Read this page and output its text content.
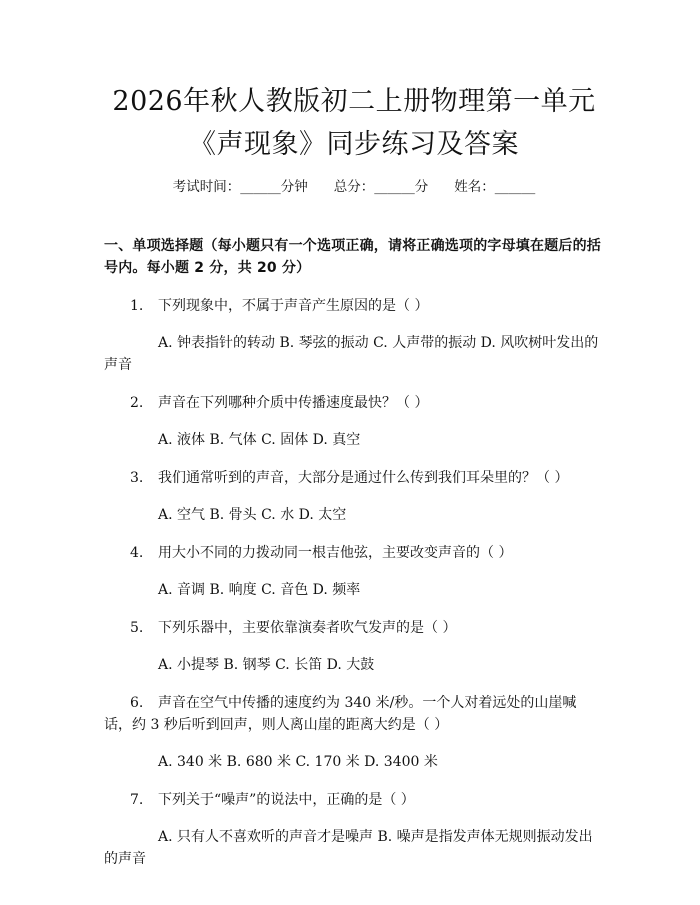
2026年秋人教版初二上册物理第一单元《声现象》同步练习及答案
考试时间：______分钟 总分：______分 姓名：______
一、单项选择题（每小题只有一个选项正确，请将正确选项的字母填在题后的括号内。每小题 2 分，共 20 分）
1. 下列现象中，不属于声音产生原因的是（ ）
A. 钟表指针的转动 B. 琴弦的振动 C. 人声带的振动 D. 风吹树叶发出的声音
2. 声音在下列哪种介质中传播速度最快？（ ）
A. 液体 B. 气体 C. 固体 D. 真空
3. 我们通常听到的声音，大部分是通过什么传到我们耳朵里的？（ ）
A. 空气 B. 骨头 C. 水 D. 太空
4. 用大小不同的力拨动同一根吉他弦，主要改变声音的（ ）
A. 音调 B. 响度 C. 音色 D. 频率
5. 下列乐器中，主要依靠演奏者吹气发声的是（ ）
A. 小提琴 B. 钢琴 C. 长笛 D. 大鼓
6. 声音在空气中传播的速度约为 340 米/秒。一个人对着远处的山崖喊话，约 3 秒后听到回声，则人离山崖的距离大约是（ ）
A. 340 米 B. 680 米 C. 170 米 D. 3400 米
7. 下列关于“噪声”的说法中，正确的是（ ）
A. 只有人不喜欢听的声音才是噪声 B. 噪声是指发声体无规则振动发出的声音
